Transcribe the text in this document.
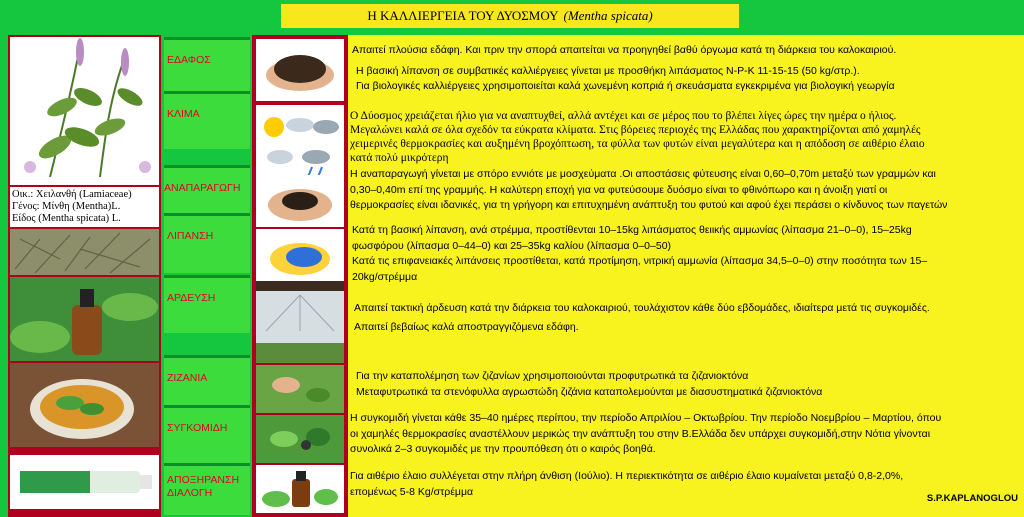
Η ΚΑΛΛΙΕΡΓΕΙΑ ΤΟΥ ΔΥΟΣΜΟΥ (Mentha spicata)
Οικ.: Χειλανθή (Lamiaceae)
Γένος: Μίνθη (Mentha)L.
Είδος (Mentha spicata) L.
ΕΔΑΦΟΣ
ΚΛΙΜΑ
ΑΝΑΠΑΡΑΓΩΓΗ
ΛΙΠΑΝΣΗ
ΑΡΔΕΥΣΗ
ΖΙΖΑΝΙΑ
ΣΥΓΚΟΜΙΔΗ
ΑΠΟΞΗΡΑΝΣΗ ΔΙΑΛΟΓΗ

Απαιτεί πλούσια εδάφη. Και πριν την σπορά απαιτείται να προηγηθεί βαθύ όργωμα κατά τη διάρκεια του καλοκαιριού.

Η βασική λίπανση σε συμβατικές καλλιέργειες γίνεται με προσθήκη λιπάσματος Ν-Ρ-Κ 11-15-15 (50 kg/στρ.).

Για βιολογικές καλλιέργειες χρησιμοποιείται καλά χωνεμένη κοπριά ή σκευάσματα εγκεκριμένα για βιολογική γεωργία

Ο Δύοσμος χρειάζεται ήλιο για να αναπτυχθεί, αλλά αντέχει και σε μέρος που το βλέπει λίγες ώρες την ημέρα ο ήλιος.

Μεγαλώνει καλά σε όλα σχεδόν τα εύκρατα κλίματα. Στις βόρειες περιοχές της Ελλάδας που χαρακτηρίζονται από χαμηλές

χειμερινές θερμοκρασίες και αυξημένη βροχόπτωση, τα φύλλα των φυτών είναι μεγαλύτερα και η απόδοση σε αιθέριο έλαιο

κατά πολύ μικρότερη

Η αναπαραγωγή γίνεται με σπόρο εννιότε με μοσχεύματα .Οι αποστάσεις φύτευσης είναι 0,60–0,70m μεταξύ των γραμμών και

0,30–0,40m επί της γραμμής. Η καλύτερη εποχή για να φυτεύσουμε δυόσμο είναι το φθινόπωρο και η άνοιξη γιατί οι

θερμοκρασίες είναι ιδανικές, για τη γρήγορη και επιτυχημένη ανάπτυξη του φυτού και αφού έχει περάσει ο κίνδυνος των παγετών

Κατά τη βασική λίπανση, ανά στρέμμα, προστίθενται 10–15kg λιπάσματος θειικής αμμωνίας (λίπασμα 21–0–0), 15–25kg

φωσφόρου (λίπασμα 0–44–0) και 25–35kg καλίου (λίπασμα 0–0–50)

Κατά τις επιφανειακές λιπάνσεις προστίθεται, κατά προτίμηση, νιτρική αμμωνία (λίπασμα 34,5–0–0) στην ποσότητα των 15–

20kg/στρέμμα

Απαιτεί τακτική άρδευση κατά την διάρκεια του καλοκαιριού, τουλάχιστον κάθε δύο εβδομάδες, ιδιαίτερα μετά τις συγκομιδές.

Απαιτεί βεβαίως καλά αποστραγγιζόμενα εδάφη.

Για την καταπολέμηση των ζιζανίων χρησιμοποιούνται προφυτρωτικά τα ζιζανιοκτόνα

Μεταφυτρωτικά τα στενόφυλλα αγρωστώδη ζιζάνια καταπολεμούνται με διασυστηματικά ζιζανιοκτόνα

Η συγκομιδή γίνεται κάθε 35–40 ημέρες περίπου, την περίοδο Απριλίου – Οκτωβρίου. Την περίοδο Νοεμβρίου – Μαρτίου, όπου

οι χαμηλές θερμοκρασίες αναστέλλουν μερικώς την ανάπτυξη του στην Β.Ελλάδα δεν υπάρχει συγκομιδή,στην Νότια γίνονται

συνολικά 2–3 συγκομιδές με την προυπόθεση ότι ο καιρός βοηθά.

Για αιθέριο έλαιο συλλέγεται στην πλήρη άνθιση (Ιούλιο). Η περιεκτικότητα σε αιθέριο έλαιο κυμαίνεται μεταξύ 0,8-2,0%,

επομένως 5-8 Kg/στρέμμα

S.P.KAPLANOGLOU
